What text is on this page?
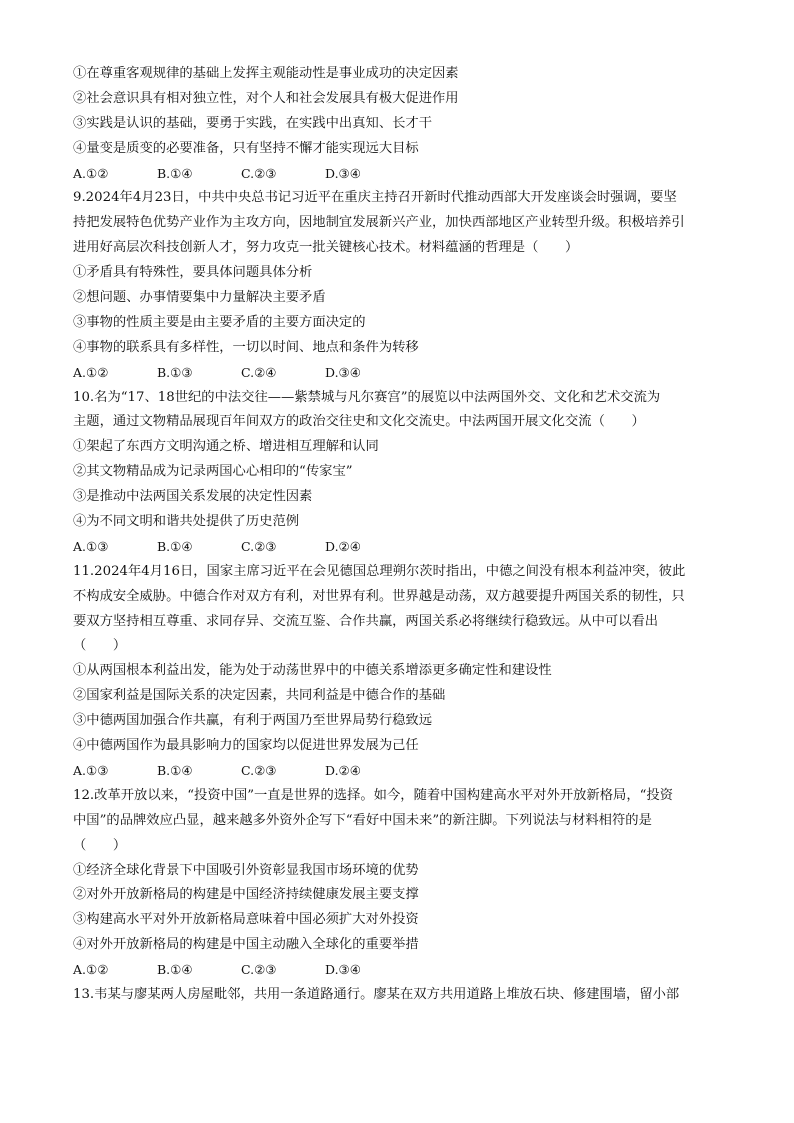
①在尊重客观规律的基础上发挥主观能动性是事业成功的决定因素
②社会意识具有相对独立性，对个人和社会发展具有极大促进作用
③实践是认识的基础，要勇于实践，在实践中出真知、长才干
④量变是质变的必要准备，只有坚持不懈才能实现远大目标
A.①②	B.①④	C.②③	D.③④
9.2024年4月23日，中共中央总书记习近平在重庆主持召开新时代推动西部大开发座谈会时强调，要坚
持把发展特色优势产业作为主攻方向，因地制宜发展新兴产业，加快西部地区产业转型升级。积极培养引
进用好高层次科技创新人才，努力攻克一批关键核心技术。材料蕴涵的哲理是（　　）
①矛盾具有特殊性，要具体问题具体分析
②想问题、办事情要集中力量解决主要矛盾
③事物的性质主要是由主要矛盾的主要方面决定的
④事物的联系具有多样性，一切以时间、地点和条件为转移
A.①②	B.①③	C.②④	D.③④
10.名为“17、18世纪的中法交往——紫禁城与凡尔赛宫”的展览以中法两国外交、文化和艺术交流为
主题，通过文物精品展现百年间双方的政治交往史和文化交流史。中法两国开展文化交流（　　）
①架起了东西方文明沟通之桥、增进相互理解和认同
②其文物精品成为记录两国心心相印的“传家宝”
③是推动中法两国关系发展的决定性因素
④为不同文明和谐共处提供了历史范例
A.①③	B.①④	C.②③	D.②④
11.2024年4月16日，国家主席习近平在会见德国总理朔尔茨时指出，中德之间没有根本利益冲突，彼此
不构成安全威胁。中德合作对双方有利，对世界有利。世界越是动荡，双方越要提升两国关系的韧性，只
要双方坚持相互尊重、求同存异、交流互鉴、合作共赢，两国关系必将继续行稳致远。从中可以看出
（　　）
①从两国根本利益出发，能为处于动荡世界中的中德关系增添更多确定性和建设性
②国家利益是国际关系的决定因素，共同利益是中德合作的基础
③中德两国加强合作共赢，有利于两国乃至世界局势行稳致远
④中德两国作为最具影响力的国家均以促进世界发展为己任
A.①③	B.①④	C.②③	D.②④
12.改革开放以来，“投资中国”一直是世界的选择。如今，随着中国构建高水平对外开放新格局，“投资
中国”的品牌效应凸显，越来越多外资外企写下“看好中国未来”的新注脚。下列说法与材料相符的是
（　　）
①经济全球化背景下中国吸引外资彰显我国市场环境的优势
②对外开放新格局的构建是中国经济持续健康发展主要支撑
③构建高水平对外开放新格局意味着中国必须扩大对外投资
④对外开放新格局的构建是中国主动融入全球化的重要举措
A.①②	B.①④	C.②③	D.③④
13.韦某与廖某两人房屋毗邻，共用一条道路通行。廖某在双方共用道路上堆放石块、修建围墙，留小部
